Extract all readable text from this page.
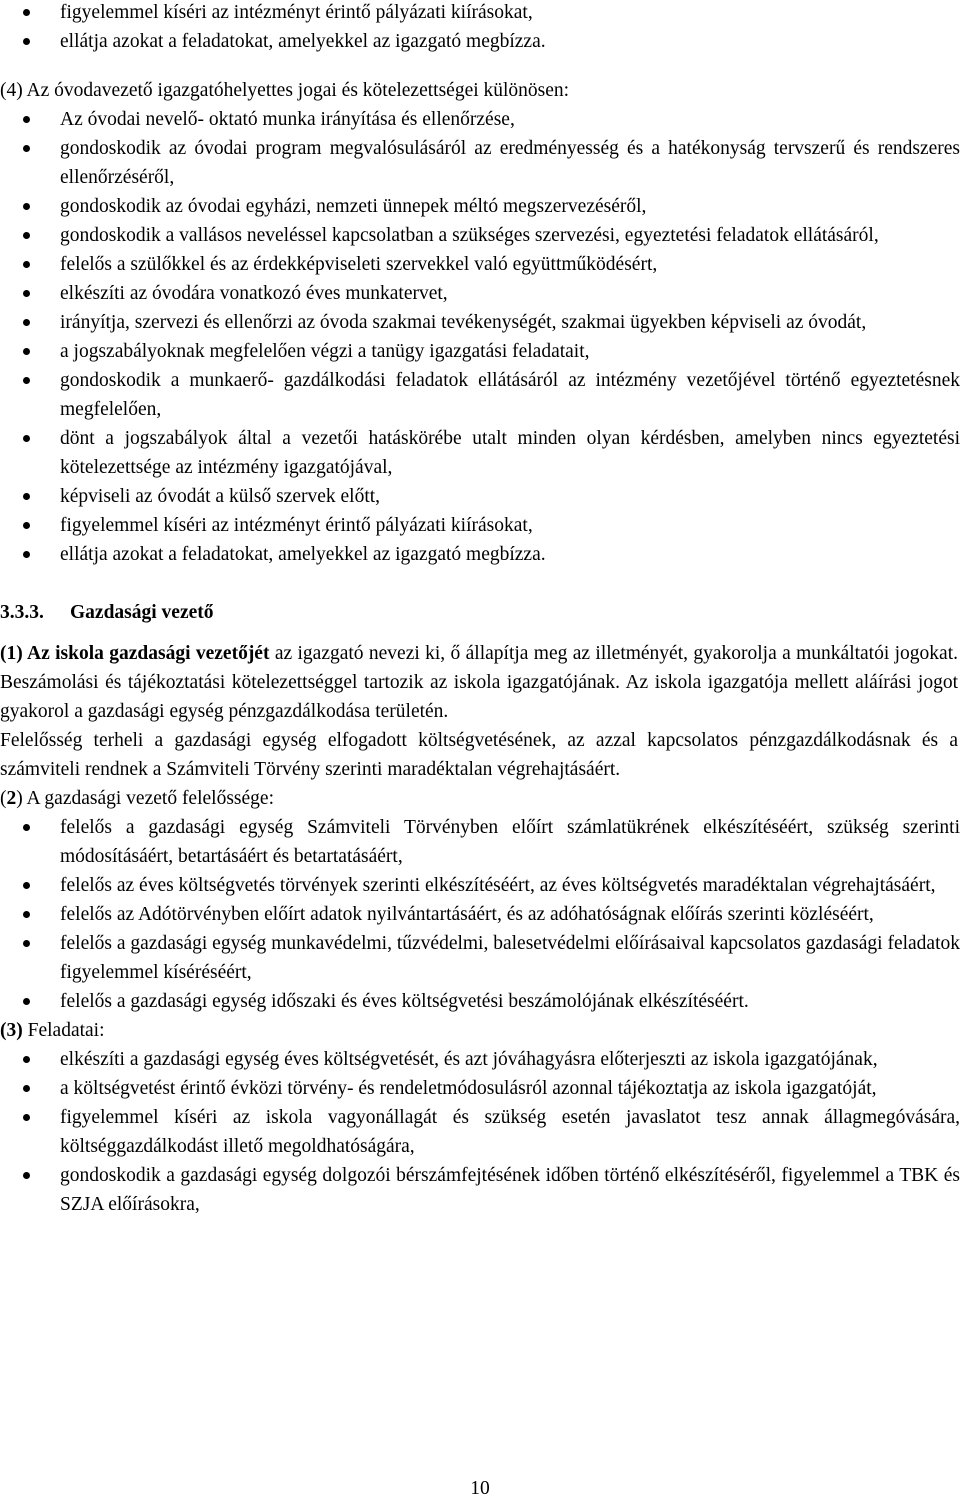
figyelemmel kíséri az intézményt érintő pályázati kiírásokat,
ellátja azokat a feladatokat, amelyekkel az igazgató megbízza.
(4) Az óvodavezető igazgatóhelyettes jogai és kötelezettségei különösen:
Az óvodai nevelő- oktató munka irányítása és ellenőrzése,
gondoskodik az óvodai program megvalósulásáról az eredményesség és a hatékonyság tervszerű és rendszeres ellenőrzéséről,
gondoskodik az óvodai egyházi, nemzeti ünnepek méltó megszervezéséről,
gondoskodik a vallásos neveléssel kapcsolatban a szükséges szervezési, egyeztetési feladatok ellátásáról,
felelős a szülőkkel és az érdekképviseleti szervekkel való együttműködésért,
elkészíti az óvodára vonatkozó éves munkatervet,
irányítja, szervezi és ellenőrzi az óvoda szakmai tevékenységét, szakmai ügyekben képviseli az óvodát,
a jogszabályoknak megfelelően végzi a tanügy igazgatási feladatait,
gondoskodik a munkaerő- gazdálkodási feladatok ellátásáról az intézmény vezetőjével történő egyeztetésnek megfelelően,
dönt a jogszabályok által a vezetői hatáskörébe utalt minden olyan kérdésben, amelyben nincs egyeztetési kötelezettsége az intézmény igazgatójával,
képviseli az óvodát a külső szervek előtt,
figyelemmel kíséri az intézményt érintő pályázati kiírásokat,
ellátja azokat a feladatokat, amelyekkel az igazgató megbízza.
3.3.3. Gazdasági vezető
(1) Az iskola gazdasági vezetőjét az igazgató nevezi ki, ő állapítja meg az illetményét, gyakorolja a munkáltatói jogokat. Beszámolási és tájékoztatási kötelezettséggel tartozik az iskola igazgatójának. Az iskola igazgatója mellett aláírási jogot gyakorol a gazdasági egység pénzgazdálkodása területén.
Felelősség terheli a gazdasági egység elfogadott költségvetésének, az azzal kapcsolatos pénzgazdálkodásnak és a számviteli rendnek a Számviteli Törvény szerinti maradéktalan végrehajtásáért.
(2) A gazdasági vezető felelőssége:
felelős a gazdasági egység Számviteli Törvényben előírt számlatükrének elkészítéséért, szükség szerinti módosításáért, betartásáért és betartatásáért,
felelős az éves költségvetés törvények szerinti elkészítéséért, az éves költségvetés maradéktalan végrehajtásáért,
felelős az Adótörvényben előírt adatok nyilvántartásáért, és az adóhatóságnak előírás szerinti közléséért,
felelős a gazdasági egység munkavédelmi, tűzvédelmi, balesetvédelmi előírásaival kapcsolatos gazdasági feladatok figyelemmel kíséréséért,
felelős a gazdasági egység időszaki és éves költségvetési beszámolójának elkészítéséért.
(3) Feladatai:
elkészíti a gazdasági egység éves költségvetését, és azt jóváhagyásra előterjeszti az iskola igazgatójának,
a költségvetést érintő évközi törvény- és rendeletmódosulásról azonnal tájékoztatja az iskola igazgatóját,
figyelemmel kíséri az iskola vagyonállagát és szükség esetén javaslatot tesz annak állagmegóvására, költséggazdálkodást illető megoldhatóságára,
gondoskodik a gazdasági egység dolgozói bérszámfejtésének időben történő elkészítéséről, figyelemmel a TBK és SZJA előírásokra,
10
